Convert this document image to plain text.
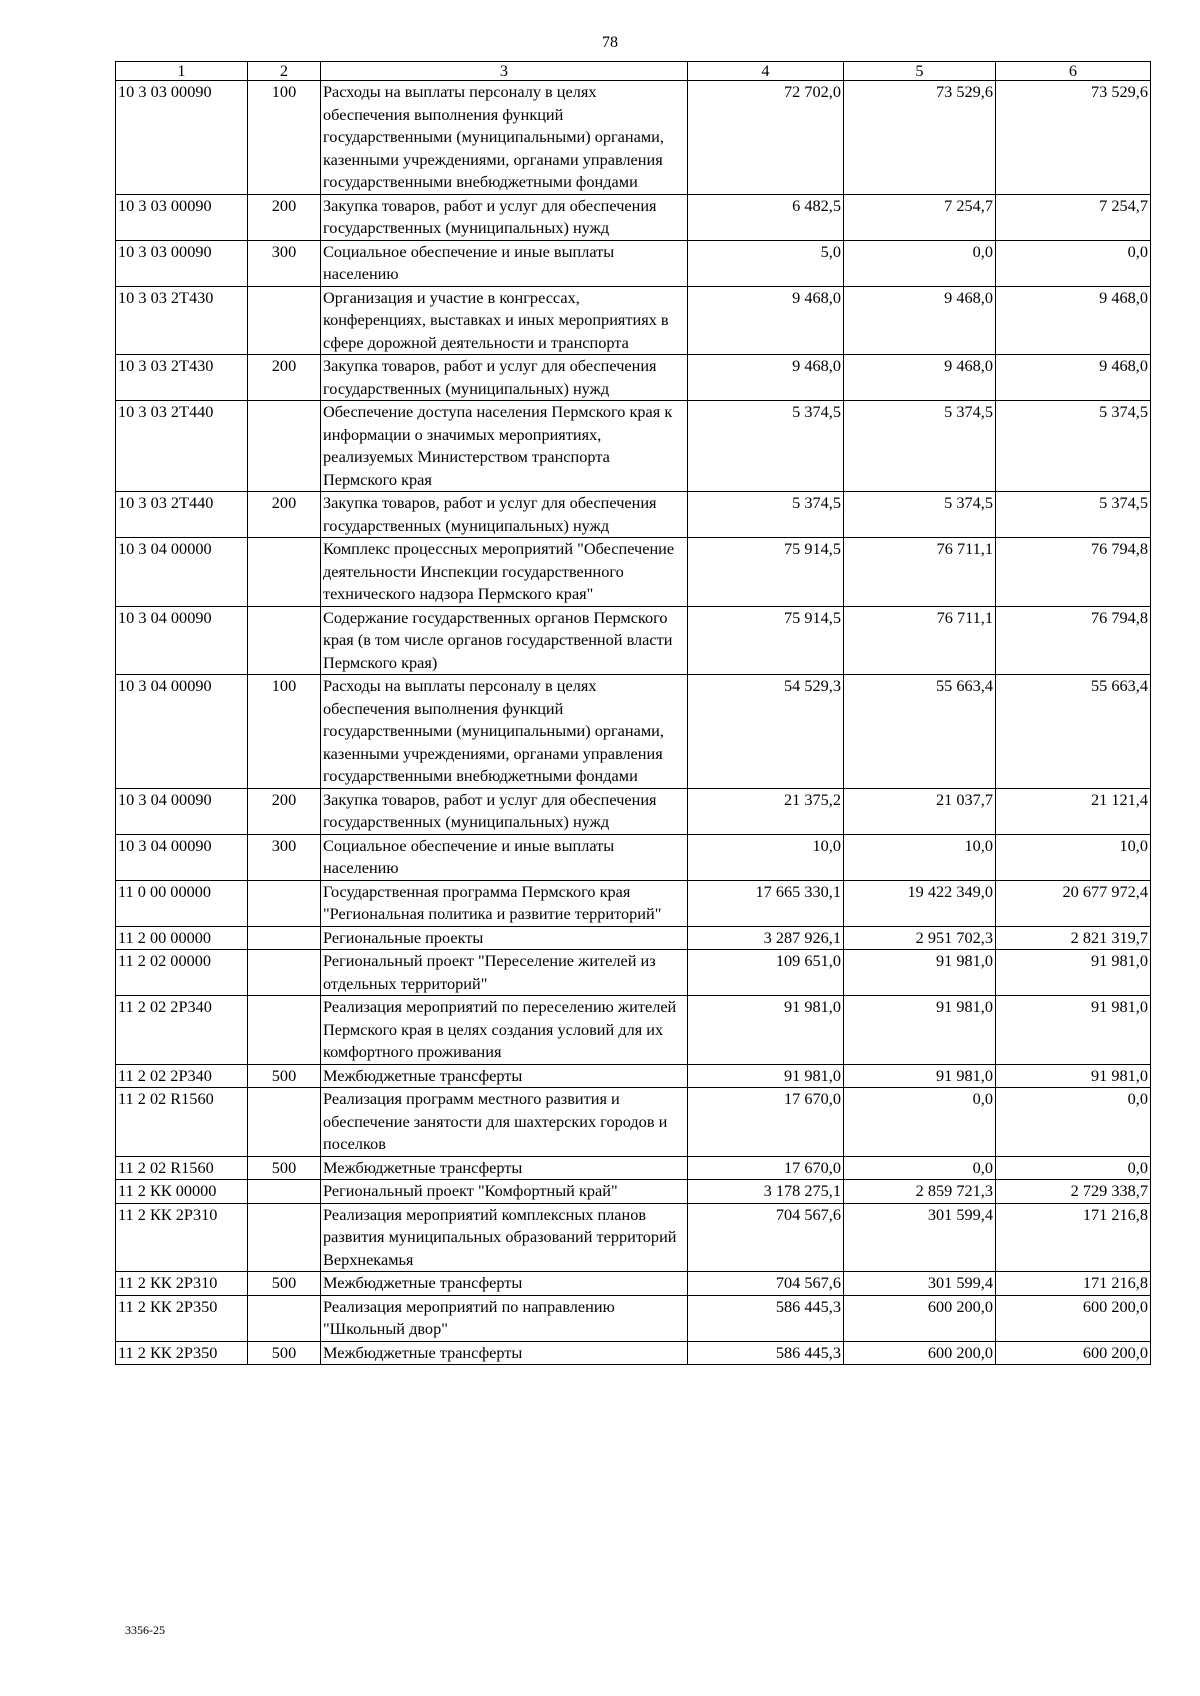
78
1	2	3	4	5	6
10 3 03 00090	100	Расходы на выплаты персоналу в целях обеспечения выполнения функций государственными (муниципальными) органами, казенными учреждениями, органами управления государственными внебюджетными фондами	72 702,0	73 529,6	73 529,6
10 3 03 00090	200	Закупка товаров, работ и услуг для обеспечения государственных (муниципальных) нужд	6 482,5	7 254,7	7 254,7
10 3 03 00090	300	Социальное обеспечение и иные выплаты населению	5,0	0,0	0,0
10 3 03 2Т430		Организация и участие в конгрессах, конференциях, выставках и иных мероприятиях в сфере дорожной деятельности и транспорта	9 468,0	9 468,0	9 468,0
10 3 03 2Т430	200	Закупка товаров, работ и услуг для обеспечения государственных (муниципальных) нужд	9 468,0	9 468,0	9 468,0
10 3 03 2Т440		Обеспечение доступа населения Пермского края к информации о значимых мероприятиях, реализуемых Министерством транспорта Пермского края	5 374,5	5 374,5	5 374,5
10 3 03 2Т440	200	Закупка товаров, работ и услуг для обеспечения государственных (муниципальных) нужд	5 374,5	5 374,5	5 374,5
10 3 04 00000		Комплекс процессных мероприятий "Обеспечение деятельности Инспекции государственного технического надзора Пермского края"	75 914,5	76 711,1	76 794,8
10 3 04 00090		Содержание государственных органов Пермского края (в том числе органов государственной власти Пермского края)	75 914,5	76 711,1	76 794,8
10 3 04 00090	100	Расходы на выплаты персоналу в целях обеспечения выполнения функций государственными (муниципальными) органами, казенными учреждениями, органами управления государственными внебюджетными фондами	54 529,3	55 663,4	55 663,4
10 3 04 00090	200	Закупка товаров, работ и услуг для обеспечения государственных (муниципальных) нужд	21 375,2	21 037,7	21 121,4
10 3 04 00090	300	Социальное обеспечение и иные выплаты населению	10,0	10,0	10,0
11 0 00 00000		Государственная программа Пермского края "Региональная политика и развитие территорий"	17 665 330,1	19 422 349,0	20 677 972,4
11 2 00 00000		Региональные проекты	3 287 926,1	2 951 702,3	2 821 319,7
11 2 02 00000		Региональный проект "Переселение жителей из отдельных территорий"	109 651,0	91 981,0	91 981,0
11 2 02 2Р340		Реализация мероприятий по переселению жителей Пермского края в целях создания условий для их комфортного проживания	91 981,0	91 981,0	91 981,0
11 2 02 2Р340	500	Межбюджетные трансферты	91 981,0	91 981,0	91 981,0
11 2 02 R1560		Реализация программ местного развития и обеспечение занятости для шахтерских городов и поселков	17 670,0	0,0	0,0
11 2 02 R1560	500	Межбюджетные трансферты	17 670,0	0,0	0,0
11 2 КК 00000		Региональный проект "Комфортный край"	3 178 275,1	2 859 721,3	2 729 338,7
11 2 КК 2Р310		Реализация мероприятий комплексных планов развития муниципальных образований территорий Верхнекамья	704 567,6	301 599,4	171 216,8
11 2 КК 2Р310	500	Межбюджетные трансферты	704 567,6	301 599,4	171 216,8
11 2 КК 2Р350		Реализация мероприятий по направлению "Школьный двор"	586 445,3	600 200,0	600 200,0
11 2 КК 2Р350	500	Межбюджетные трансферты	586 445,3	600 200,0	600 200,0
3356-25
